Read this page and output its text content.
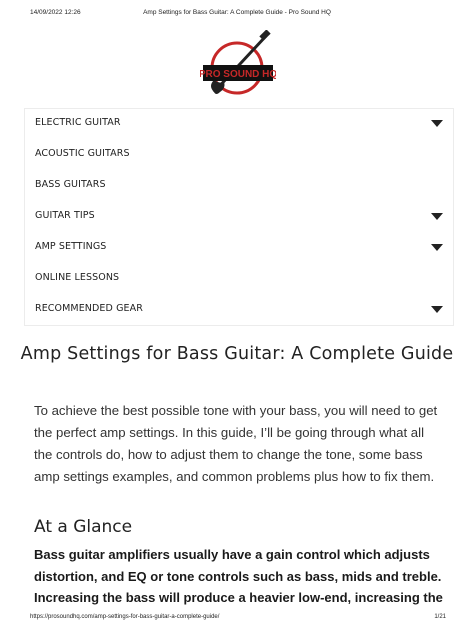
14/09/2022 12:26	Amp Settings for Bass Guitar: A Complete Guide - Pro Sound HQ
PRO SOUND HQ
ELECTRIC GUITAR
ACOUSTIC GUITARS
BASS GUITARS
GUITAR TIPS
AMP SETTINGS
ONLINE LESSONS
RECOMMENDED GEAR
Amp Settings for Bass Guitar: A Complete Guide

To achieve the best possible tone with your bass, you will need to get the perfect amp settings. In this guide, I’ll be going through what all the controls do, how to adjust them to change the tone, some bass amp settings examples, and common problems plus how to fix them.

At a Glance

Bass guitar amplifiers usually have a gain control which adjusts distortion, and EQ or tone controls such as bass, mids and treble. Increasing the bass will produce a heavier low-end, increasing the

https://prosoundhq.com/amp-settings-for-bass-guitar-a-complete-guide/	1/21
